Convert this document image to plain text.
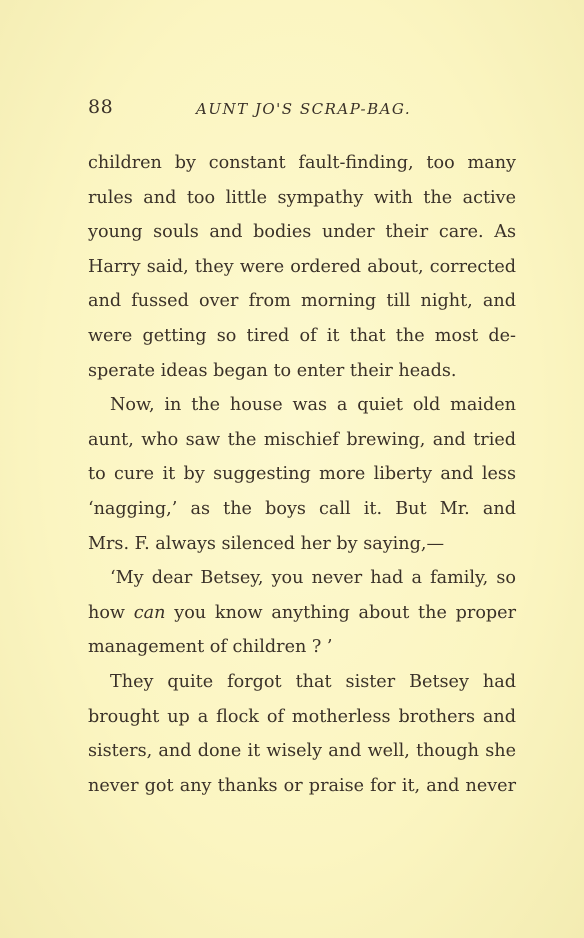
88	AUNT JO'S SCRAP-BAG.
children by constant fault-finding, too many
rules and too little sympathy with the active
young souls and bodies under their care. As
Harry said, they were ordered about, corrected
and fussed over from morning till night, and
were getting so tired of it that the most de-
sperate ideas began to enter their heads.
Now, in the house was a quiet old maiden
aunt, who saw the mischief brewing, and tried
to cure it by suggesting more liberty and less
‘nagging,’ as the boys call it. But Mr. and
Mrs. F. always silenced her by saying,—
‘My dear Betsey, you never had a family, so
how can you know anything about the proper
management of children ? ’
They quite forgot that sister Betsey had
brought up a flock of motherless brothers and
sisters, and done it wisely and well, though she
never got any thanks or praise for it, and never
